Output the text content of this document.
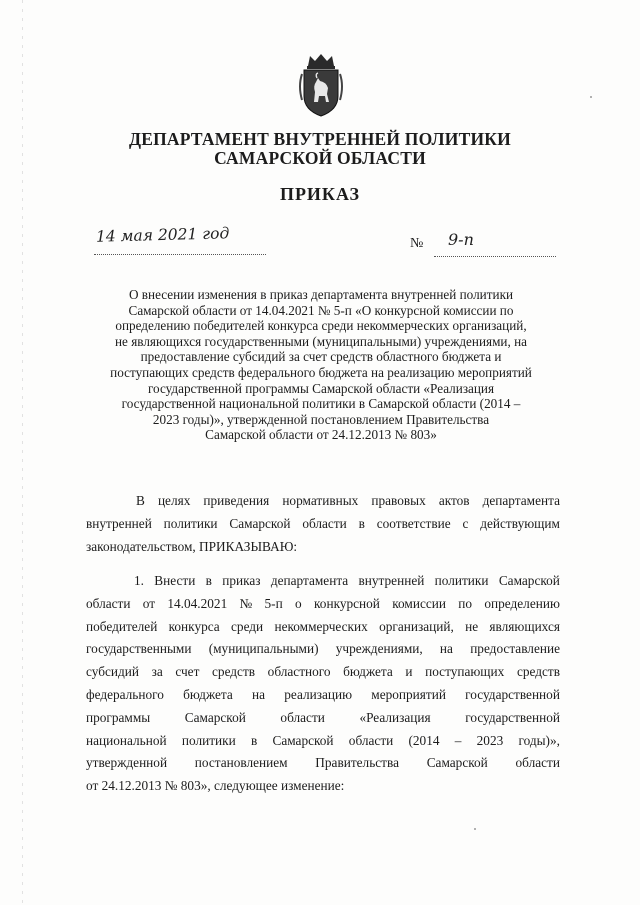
ДЕПАРТАМЕНТ ВНУТРЕННЕЙ ПОЛИТИКИ
САМАРСКОЙ ОБЛАСТИ
ПРИКАЗ
14 мая 2021 год	№ 9-п
О внесении изменения в приказ департамента внутренней политики
Самарской области от 14.04.2021 № 5-п «О конкурсной комиссии по
определению победителей конкурса среди некоммерческих организаций,
не являющихся государственными (муниципальными) учреждениями, на
предоставление субсидий за счет средств областного бюджета и
поступающих средств федерального бюджета на реализацию мероприятий
государственной программы Самарской области «Реализация
государственной национальной политики в Самарской области (2014 –
2023 годы)», утвержденной постановлением Правительства
Самарской области от 24.12.2013 № 803»
В целях приведения нормативных правовых актов департамента
внутренней политики Самарской области в соответствие с действующим
законодательством, ПРИКАЗЫВАЮ:
1. Внести в приказ департамента внутренней политики Самарской
области от 14.04.2021 № 5-п о конкурсной комиссии по определению
победителей конкурса среди некоммерческих организаций, не являющихся
государственными (муниципальными) учреждениями, на предоставление
субсидий за счет средств областного бюджета и поступающих средств
федерального бюджета на реализацию мероприятий государственной
программы	Самарской	области	«Реализация	государственной
национальной политики в Самарской области (2014 – 2023 годы)»,
утвержденной постановлением Правительства Самарской области
от 24.12.2013 № 803», следующее изменение:
